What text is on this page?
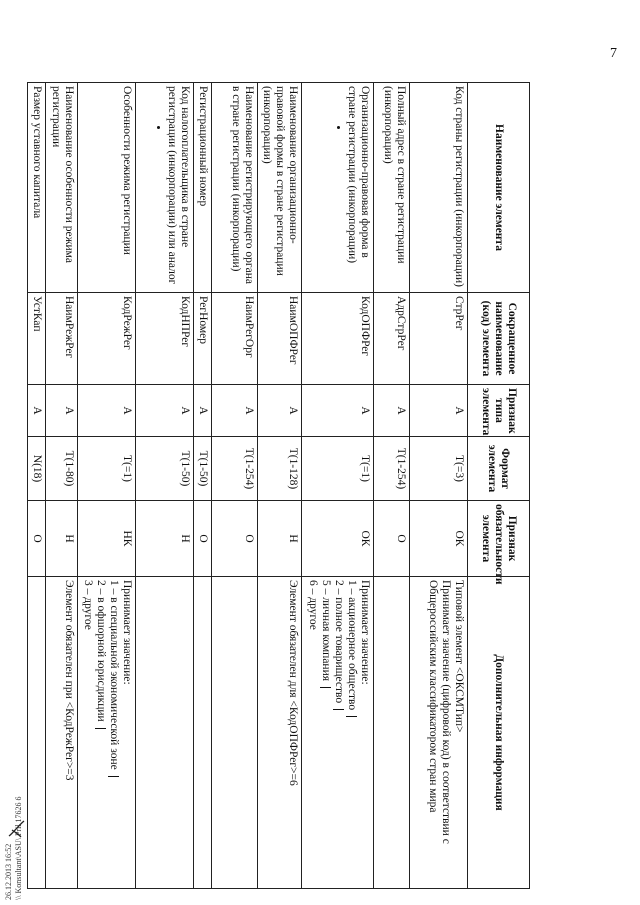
7
26.12.2013 16:52 \\ Konsultant\ASU\ Pril 17626 6
Наименование элемента	Сокращенное наименование (код) элемента	Признак типа элемента	Формат элемента	Признак обязательности элемента	Дополнительная информация
Код страны регистрации (инкорпорации)	СтрРег	А	Т(=3)	ОК	Типовой элемент <ОКСМТип>
Принимает значение (цифровой код) в соответствии с Общероссийским классификатором стран мира

Полный адрес в стране регистрации (инкорпорации)	АдрСтрРег	А	Т(1-254)	О	
Организационно-правовая форма в стране регистрации (инкорпорации)	КодОПФРег	А	Т(=1)	ОК	Принимает значение:
1 – акционерное общество
2 – полное товарищество
5 – личная компания
6 – другое

Наименование организационно-правовой формы в стране регистрации (инкорпорации)	НаимОПФРег	А	Т(1-128)	Н	Элемент обязателен для <КодОПФРег>=6
Наименование регистрирующего органа в стране регистрации (инкорпорации)	НаимРегОрг	А	Т(1-254)	О	
Регистрационный номер	РегНомер	А	Т(1-50)	О	
Код налогоплательщика в стране регистрации (инкорпорации) или аналог	КодНПРег	А	Т(1-50)	Н	
Особенности режима регистрации	КодРежРег	А	Т(=1)	НК	Принимает значение:
1 – в специальной экономической зоне
2 – в офшорной юрисдикции
3 – другое

Наименование особенности режима регистрации	НаимРежРег	А	Т(1-80)	Н	Элемент обязателен при <КодРежРег>=3
Размер уставного капитала	УстКап	А	N(18)	О	
